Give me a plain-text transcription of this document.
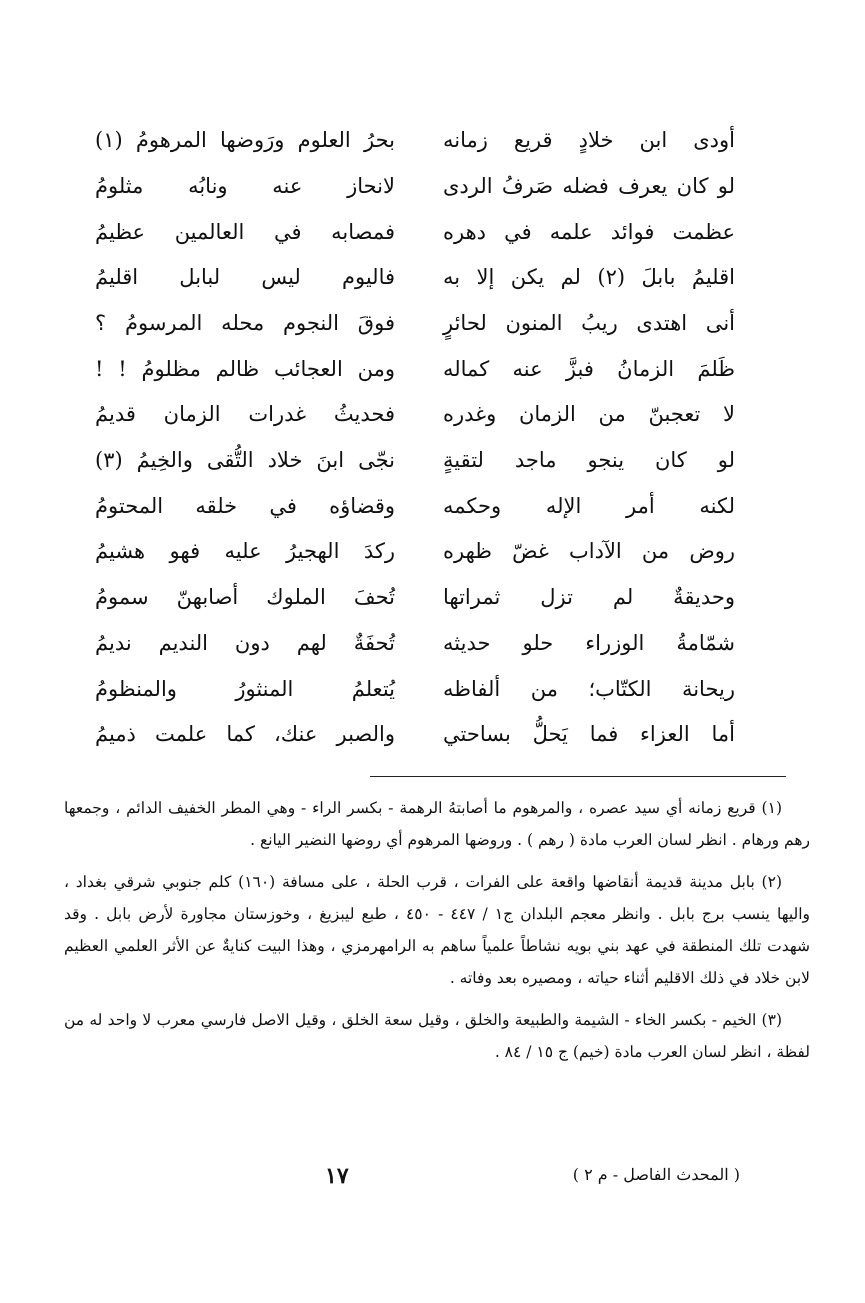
أودى ابن خلادٍ قريع زمانه
بحرُ العلوم ورَوضها المرهومُ (١)
لو كان يعرف فضله صَرفُ الردى
لانحاز عنه ونابُه مثلومُ
عظمت فوائد علمه في دهره
فمصابه في العالمين عظيمُ
اقليمُ بابلَ (٢) لم يكن إلا به
فاليوم ليس لبابل اقليمُ
أنى اهتدى ريبُ المنون لحائرٍ
فوقَ النجوم محله المرسومُ ؟
ظَلمَ الزمانُ فبزَّ عنه كماله
ومن العجائب ظالم مظلومُ ! !
لا تعجبنّ من الزمان وغدره
فحديثُ غدرات الزمان قديمُ
لو كان ينجو ماجد لتقيةٍ
نجّى ابنَ خلاد التُّقى والخِيمُ (٣)
لكنه أمر الإله وحكمه
وقضاؤه في خلقه المحتومُ
روض من الآداب غضّ ظهره
ركدَ الهجيرُ عليه فهو هشيمُ
وحديقةٌ لم تزل ثمراتها
تُحفَ الملوك أصابهنّ سمومُ
شمّامةُ الوزراء حلو حديثه
تُحفَةٌ لهم دون النديم نديمُ
ريحانة الكتّاب؛ من ألفاظه
يُتعلمُ المنثورُ والمنظومُ
أما العزاء فما يَحلُّ بساحتي
والصبر عنك، كما علمت ذميمُ

(١) قريع زمانه أي سيد عصره ، والمرهوم ما أصابتهُ الرهمة - بكسر الراء - وهي المطر الخفيف الدائم ، وجمعها رهم ورهام . انظر لسان العرب مادة ( رهم ) . وروضها المرهوم أي روضها النضير اليانع .

(٢) بابل مدينة قديمة أنقاضها واقعة على الفرات ، قرب الحلة ، على مسافة (١٦٠) كلم جنوبي شرقي بغداد ، واليها ينسب برج بابل . وانظر معجم البلدان ج١ / ٤٤٧ - ٤٥٠ ، طبع ليبزيغ ، وخوزستان مجاورة لأرض بابل . وقد شهدت تلك المنطقة في عهد بني بويه نشاطاً علمياً ساهم به الرامهرمزي ، وهذا البيت كنايةٌ عن الأثر العلمي العظيم لابن خلاد في ذلك الاقليم أثناء حياته ، ومصيره بعد وفاته .

(٣) الخيم - بكسر الخاء - الشيمة والطبيعة والخلق ، وقيل سعة الخلق ، وقيل الاصل فارسي معرب لا واحد له من لفظة ، انظر لسان العرب مادة (خيم) ج ١٥ / ٨٤ .

( المحدث الفاصل - م ٢ )
١٧
